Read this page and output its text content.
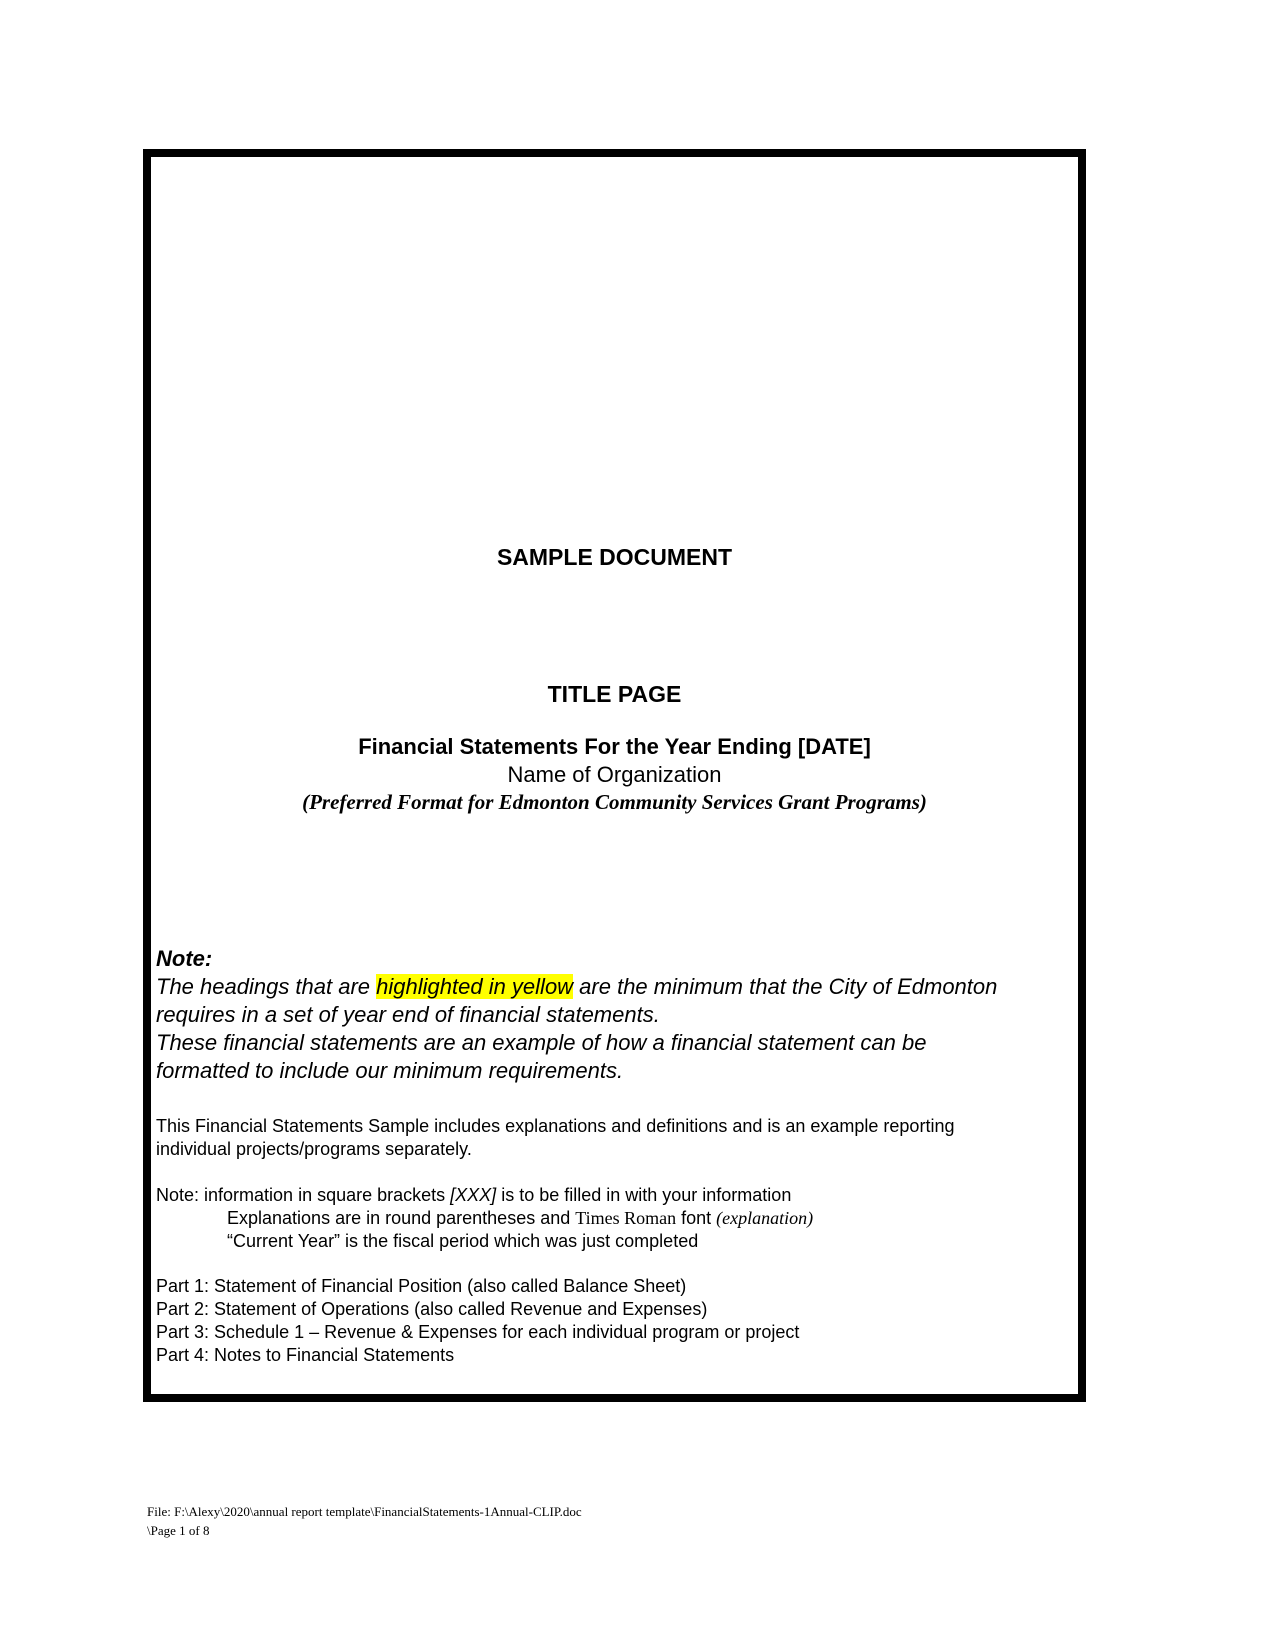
SAMPLE DOCUMENT
TITLE PAGE
Financial Statements For the Year Ending [DATE]
Name of Organization
(Preferred Format for Edmonton Community Services Grant Programs)
Note:
The headings that are highlighted in yellow are the minimum that the City of Edmonton
requires in a set of year end of financial statements.
These financial statements are an example of how a financial statement can be
formatted to include our minimum requirements.
This Financial Statements Sample includes explanations and definitions and is an example reporting
individual projects/programs separately.
Note: information in square brackets [XXX] is to be filled in with your information
Explanations are in round parentheses and Times Roman font (explanation)
“Current Year” is the fiscal period which was just completed
Part 1: Statement of Financial Position (also called Balance Sheet)
Part 2: Statement of Operations (also called Revenue and Expenses)
Part 3: Schedule 1 – Revenue & Expenses for each individual program or project
Part 4: Notes to Financial Statements
File: F:\Alexy\2020\annual report template\FinancialStatements-1Annual-CLIP.doc
\Page 1 of 8
